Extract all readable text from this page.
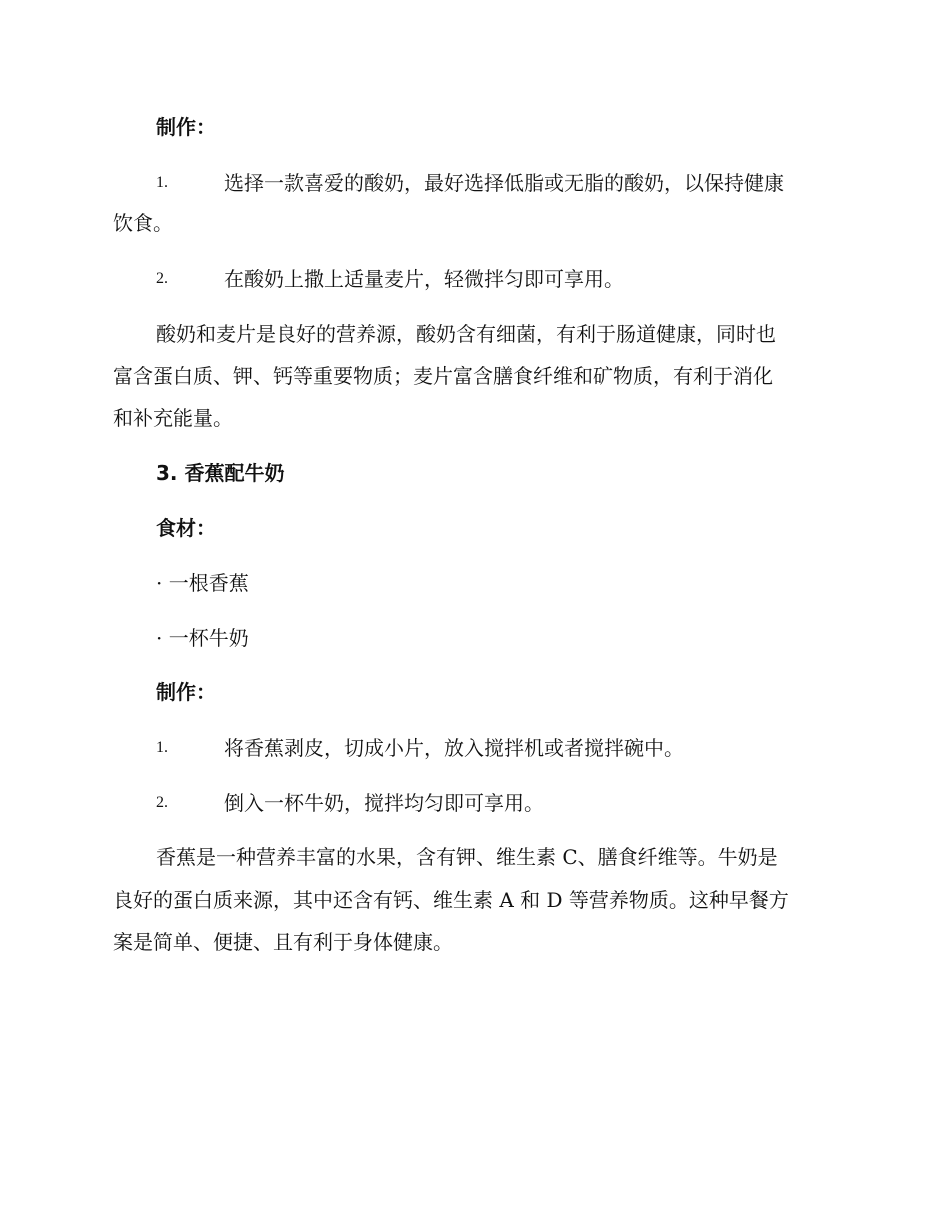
制作：
1.	选择一款喜爱的酸奶，最好选择低脂或无脂的酸奶，以保持健康
饮食。
2.	在酸奶上撒上适量麦片，轻微拌匀即可享用。
酸奶和麦片是良好的营养源，酸奶含有细菌，有利于肠道健康，同时也
富含蛋白质、钾、钙等重要物质；麦片富含膳食纤维和矿物质，有利于消化
和补充能量。
3. 香蕉配牛奶
食材：
· 一根香蕉
· 一杯牛奶
制作：
1.	将香蕉剥皮，切成小片，放入搅拌机或者搅拌碗中。
2.	倒入一杯牛奶，搅拌均匀即可享用。
香蕉是一种营养丰富的水果，含有钾、维生素 C、膳食纤维等。牛奶是
良好的蛋白质来源，其中还含有钙、维生素 A 和 D 等营养物质。这种早餐方
案是简单、便捷、且有利于身体健康。
